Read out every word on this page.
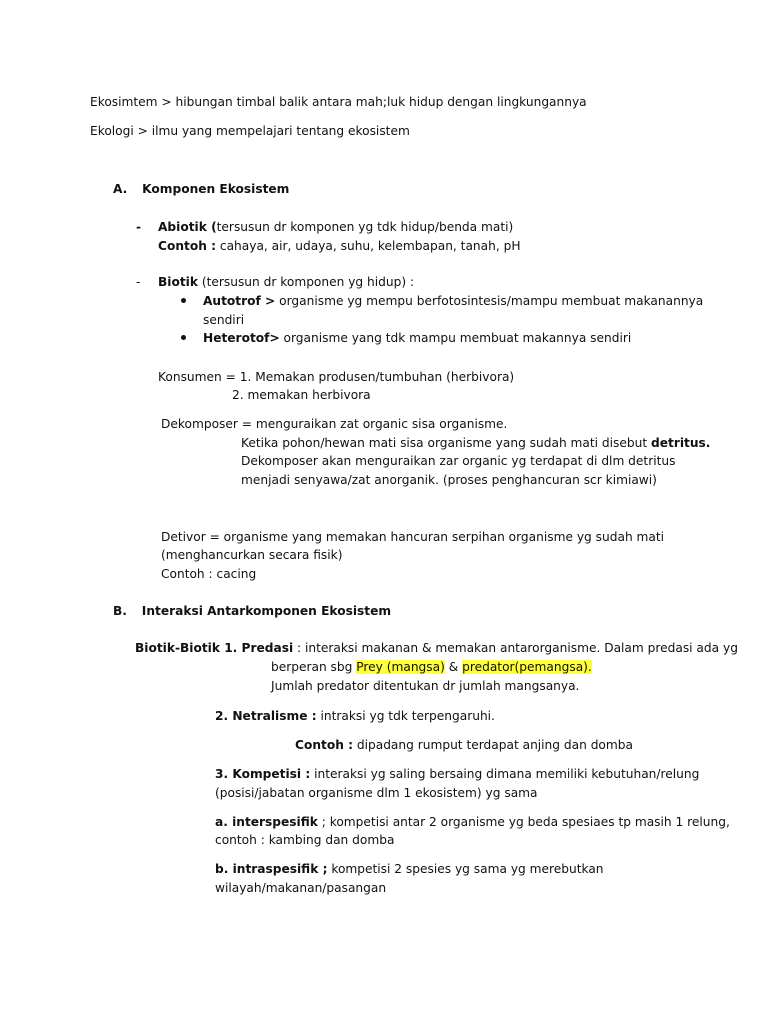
Ekosimtem > hibungan timbal balik antara mah;luk hidup dengan lingkungannya
Ekologi > ilmu yang mempelajari tentang ekosistem
A. Komponen Ekosistem
- Abiotik (tersusun dr komponen yg tdk hidup/benda mati)
Contoh : cahaya, air, udaya, suhu, kelembapan, tanah, pH
- Biotik (tersusun dr komponen yg hidup) :
Autotrof > organisme yg mempu berfotosintesis/mampu membuat makanannya
sendiri
Heterotof> organisme yang tdk mampu membuat makannya sendiri
Konsumen = 1. Memakan produsen/tumbuhan (herbivora)
2. memakan herbivora
Dekomposer = menguraikan zat organic sisa organisme.
Ketika pohon/hewan mati sisa organisme yang sudah mati disebut detritus.
Dekomposer akan menguraikan zar organic yg terdapat di dlm detritus
menjadi senyawa/zat anorganik. (proses penghancuran scr kimiawi)
Detivor = organisme yang memakan hancuran serpihan organisme yg sudah mati
(menghancurkan secara fisik)
Contoh : cacing
B. Interaksi Antarkomponen Ekosistem
Biotik-Biotik 1. Predasi : interaksi makanan & memakan antarorganisme. Dalam predasi ada yg
berperan sbg Prey (mangsa) & predator(pemangsa).
Jumlah predator ditentukan dr jumlah mangsanya.
2. Netralisme : intraksi yg tdk terpengaruhi.
Contoh : dipadang rumput terdapat anjing dan domba
3. Kompetisi : interaksi yg saling bersaing dimana memiliki kebutuhan/relung
(posisi/jabatan organisme dlm 1 ekosistem) yg sama
a. interspesifik ; kompetisi antar 2 organisme yg beda spesiaes tp masih 1 relung,
contoh : kambing dan domba
b. intraspesifik ; kompetisi 2 spesies yg sama yg merebutkan
wilayah/makanan/pasangan
